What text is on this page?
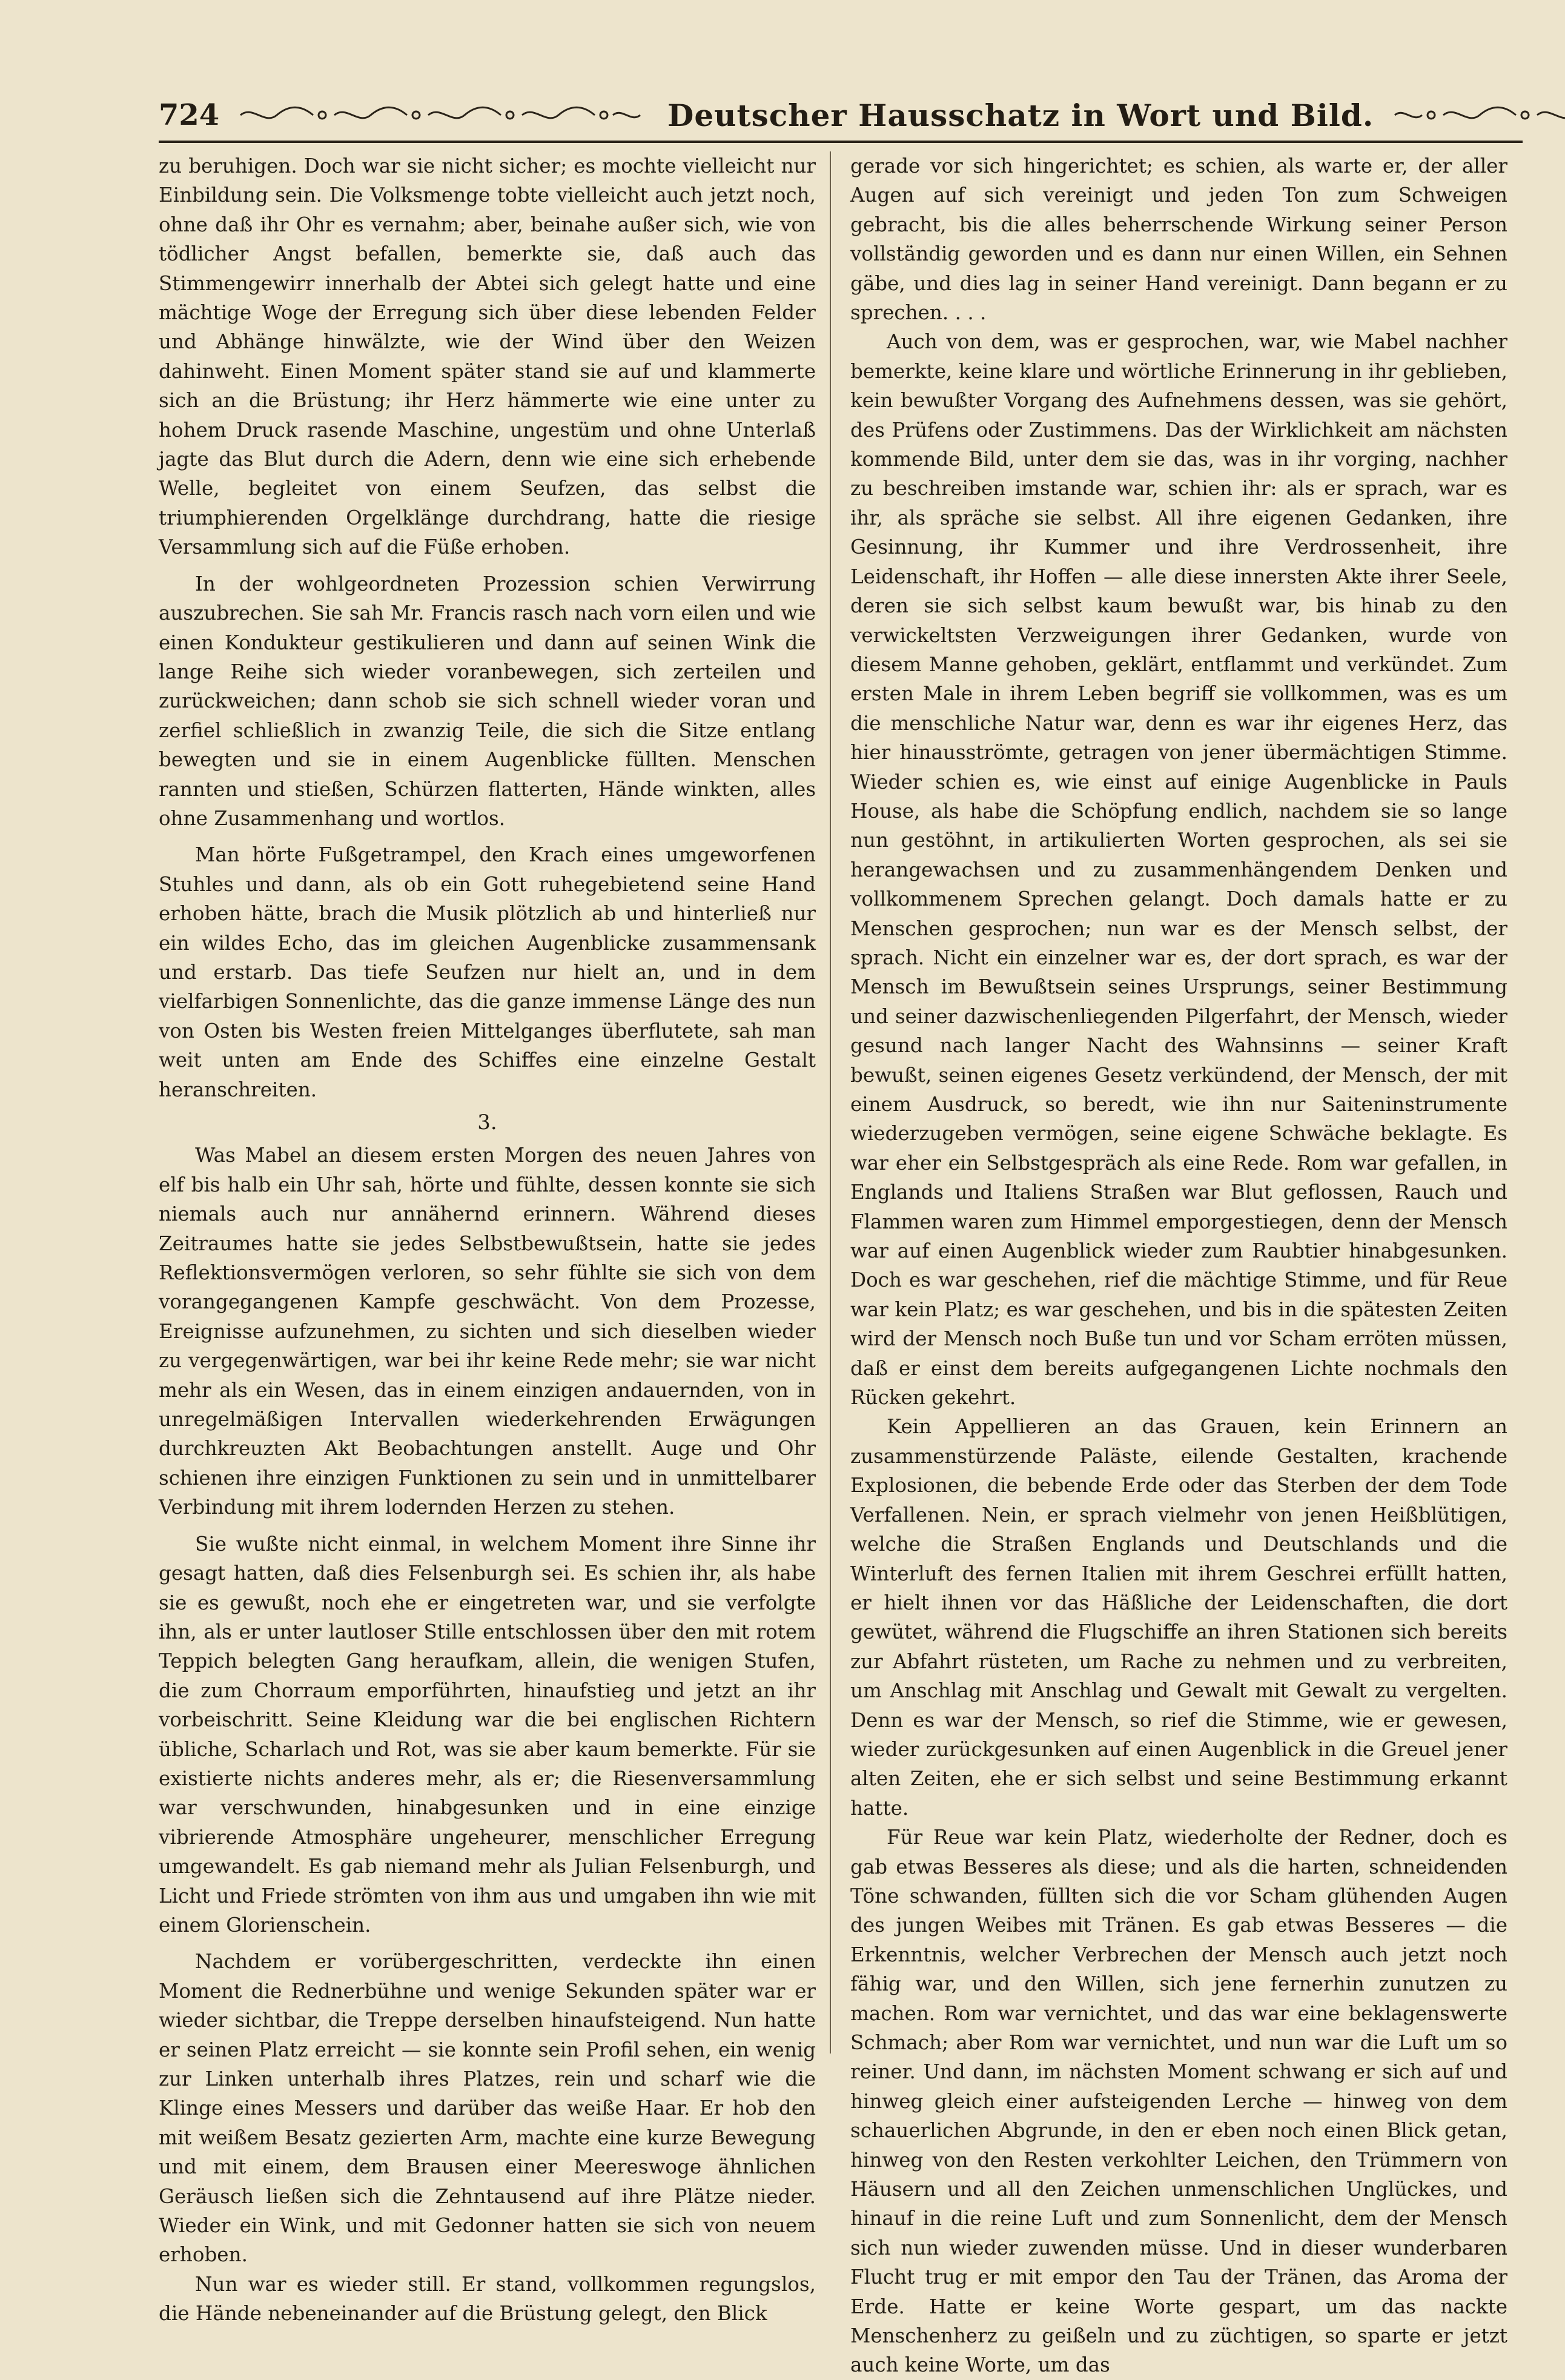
724	Deutscher Hausschatz in Wort und Bild.

zu beruhigen. Doch war sie nicht sicher; es mochte vielleicht nur Einbildung sein. Die Volksmenge tobte vielleicht auch jetzt noch, ohne daß ihr Ohr es vernahm; aber, beinahe außer sich, wie von tödlicher Angst befallen, bemerkte sie, daß auch das Stimmengewirr innerhalb der Abtei sich gelegt hatte und eine mächtige Woge der Erregung sich über diese lebenden Felder und Abhänge hinwälzte, wie der Wind über den Weizen dahinweht. Einen Moment später stand sie auf und klammerte sich an die Brüstung; ihr Herz hämmerte wie eine unter zu hohem Druck rasende Maschine, ungestüm und ohne Unterlaß jagte das Blut durch die Adern, denn wie eine sich erhebende Welle, begleitet von einem Seufzen, das selbst die triumphierenden Orgelklänge durchdrang, hatte die riesige Versammlung sich auf die Füße erhoben.

In der wohlgeordneten Prozession schien Verwirrung auszubrechen. Sie sah Mr. Francis rasch nach vorn eilen und wie einen Kondukteur gestikulieren und dann auf seinen Wink die lange Reihe sich wieder voranbewegen, sich zerteilen und zurückweichen; dann schob sie sich schnell wieder voran und zerfiel schließlich in zwanzig Teile, die sich die Sitze entlang bewegten und sie in einem Augenblicke füllten. Menschen rannten und stießen, Schürzen flatterten, Hände winkten, alles ohne Zusammenhang und wortlos.

Man hörte Fußgetrampel, den Krach eines umgeworfenen Stuhles und dann, als ob ein Gott ruhegebietend seine Hand erhoben hätte, brach die Musik plötzlich ab und hinterließ nur ein wildes Echo, das im gleichen Augenblicke zusammensank und erstarb. Das tiefe Seufzen nur hielt an, und in dem vielfarbigen Sonnenlichte, das die ganze immense Länge des nun von Osten bis Westen freien Mittelganges überflutete, sah man weit unten am Ende des Schiffes eine einzelne Gestalt heranschreiten.

3.

Was Mabel an diesem ersten Morgen des neuen Jahres von elf bis halb ein Uhr sah, hörte und fühlte, dessen konnte sie sich niemals auch nur annähernd erinnern. Während dieses Zeitraumes hatte sie jedes Selbstbewußtsein, hatte sie jedes Reflektionsvermögen verloren, so sehr fühlte sie sich von dem vorangegangenen Kampfe geschwächt. Von dem Prozesse, Ereignisse aufzunehmen, zu sichten und sich dieselben wieder zu vergegenwärtigen, war bei ihr keine Rede mehr; sie war nicht mehr als ein Wesen, das in einem einzigen andauernden, von in unregelmäßigen Intervallen wiederkehrenden Erwägungen durchkreuzten Akt Beobachtungen anstellt. Auge und Ohr schienen ihre einzigen Funktionen zu sein und in unmittelbarer Verbindung mit ihrem lodernden Herzen zu stehen.

Sie wußte nicht einmal, in welchem Moment ihre Sinne ihr gesagt hatten, daß dies Felsenburgh sei. Es schien ihr, als habe sie es gewußt, noch ehe er eingetreten war, und sie verfolgte ihn, als er unter lautloser Stille entschlossen über den mit rotem Teppich belegten Gang heraufkam, allein, die wenigen Stufen, die zum Chorraum emporführten, hinaufstieg und jetzt an ihr vorbeischritt. Seine Kleidung war die bei englischen Richtern übliche, Scharlach und Rot, was sie aber kaum bemerkte. Für sie existierte nichts anderes mehr, als er; die Riesenversammlung war verschwunden, hinabgesunken und in eine einzige vibrierende Atmosphäre ungeheurer, menschlicher Erregung umgewandelt. Es gab niemand mehr als Julian Felsenburgh, und Licht und Friede strömten von ihm aus und umgaben ihn wie mit einem Glorienschein.

Nachdem er vorübergeschritten, verdeckte ihn einen Moment die Rednerbühne und wenige Sekunden später war er wieder sichtbar, die Treppe derselben hinaufsteigend. Nun hatte er seinen Platz erreicht — sie konnte sein Profil sehen, ein wenig zur Linken unterhalb ihres Platzes, rein und scharf wie die Klinge eines Messers und darüber das weiße Haar. Er hob den mit weißem Besatz gezierten Arm, machte eine kurze Bewegung und mit einem, dem Brausen einer Meereswoge ähnlichen Geräusch ließen sich die Zehntausend auf ihre Plätze nieder. Wieder ein Wink, und mit Gedonner hatten sie sich von neuem erhoben.

Nun war es wieder still. Er stand, vollkommen regungslos, die Hände nebeneinander auf die Brüstung gelegt, den Blick

gerade vor sich hingerichtet; es schien, als warte er, der aller Augen auf sich vereinigt und jeden Ton zum Schweigen gebracht, bis die alles beherrschende Wirkung seiner Person vollständig geworden und es dann nur einen Willen, ein Sehnen gäbe, und dies lag in seiner Hand vereinigt. Dann begann er zu sprechen. . . .

Auch von dem, was er gesprochen, war, wie Mabel nachher bemerkte, keine klare und wörtliche Erinnerung in ihr geblieben, kein bewußter Vorgang des Aufnehmens dessen, was sie gehört, des Prüfens oder Zustimmens. Das der Wirklichkeit am nächsten kommende Bild, unter dem sie das, was in ihr vorging, nachher zu beschreiben imstande war, schien ihr: als er sprach, war es ihr, als spräche sie selbst. All ihre eigenen Gedanken, ihre Gesinnung, ihr Kummer und ihre Verdrossenheit, ihre Leidenschaft, ihr Hoffen — alle diese innersten Akte ihrer Seele, deren sie sich selbst kaum bewußt war, bis hinab zu den verwickeltsten Verzweigungen ihrer Gedanken, wurde von diesem Manne gehoben, geklärt, entflammt und verkündet. Zum ersten Male in ihrem Leben begriff sie vollkommen, was es um die menschliche Natur war, denn es war ihr eigenes Herz, das hier hinausströmte, getragen von jener übermächtigen Stimme. Wieder schien es, wie einst auf einige Augenblicke in Pauls House, als habe die Schöpfung endlich, nachdem sie so lange nun gestöhnt, in artikulierten Worten gesprochen, als sei sie herangewachsen und zu zusammenhängendem Denken und vollkommenem Sprechen gelangt. Doch damals hatte er zu Menschen gesprochen; nun war es der Mensch selbst, der sprach. Nicht ein einzelner war es, der dort sprach, es war der Mensch im Bewußtsein seines Ursprungs, seiner Bestimmung und seiner dazwischenliegenden Pilgerfahrt, der Mensch, wieder gesund nach langer Nacht des Wahnsinns — seiner Kraft bewußt, seinen eigenes Gesetz verkündend, der Mensch, der mit einem Ausdruck, so beredt, wie ihn nur Saiteninstrumente wiederzugeben vermögen, seine eigene Schwäche beklagte. Es war eher ein Selbstgespräch als eine Rede. Rom war gefallen, in Englands und Italiens Straßen war Blut geflossen, Rauch und Flammen waren zum Himmel emporgestiegen, denn der Mensch war auf einen Augenblick wieder zum Raubtier hinabgesunken. Doch es war geschehen, rief die mächtige Stimme, und für Reue war kein Platz; es war geschehen, und bis in die spätesten Zeiten wird der Mensch noch Buße tun und vor Scham erröten müssen, daß er einst dem bereits aufgegangenen Lichte nochmals den Rücken gekehrt.

Kein Appellieren an das Grauen, kein Erinnern an zusammenstürzende Paläste, eilende Gestalten, krachende Explosionen, die bebende Erde oder das Sterben der dem Tode Verfallenen. Nein, er sprach vielmehr von jenen Heißblütigen, welche die Straßen Englands und Deutschlands und die Winterluft des fernen Italien mit ihrem Geschrei erfüllt hatten, er hielt ihnen vor das Häßliche der Leidenschaften, die dort gewütet, während die Flugschiffe an ihren Stationen sich bereits zur Abfahrt rüsteten, um Rache zu nehmen und zu verbreiten, um Anschlag mit Anschlag und Gewalt mit Gewalt zu vergelten. Denn es war der Mensch, so rief die Stimme, wie er gewesen, wieder zurückgesunken auf einen Augenblick in die Greuel jener alten Zeiten, ehe er sich selbst und seine Bestimmung erkannt hatte.

Für Reue war kein Platz, wiederholte der Redner, doch es gab etwas Besseres als diese; und als die harten, schneidenden Töne schwanden, füllten sich die vor Scham glühenden Augen des jungen Weibes mit Tränen. Es gab etwas Besseres — die Erkenntnis, welcher Verbrechen der Mensch auch jetzt noch fähig war, und den Willen, sich jene fernerhin zunutzen zu machen. Rom war vernichtet, und das war eine beklagenswerte Schmach; aber Rom war vernichtet, und nun war die Luft um so reiner. Und dann, im nächsten Moment schwang er sich auf und hinweg gleich einer aufsteigenden Lerche — hinweg von dem schauerlichen Abgrunde, in den er eben noch einen Blick getan, hinweg von den Resten verkohlter Leichen, den Trümmern von Häusern und all den Zeichen unmenschlichen Unglückes, und hinauf in die reine Luft und zum Sonnenlicht, dem der Mensch sich nun wieder zuwenden müsse. Und in dieser wunderbaren Flucht trug er mit empor den Tau der Tränen, das Aroma der Erde. Hatte er keine Worte gespart, um das nackte Menschenherz zu geißeln und zu züchtigen, so sparte er jetzt auch keine Worte, um das
